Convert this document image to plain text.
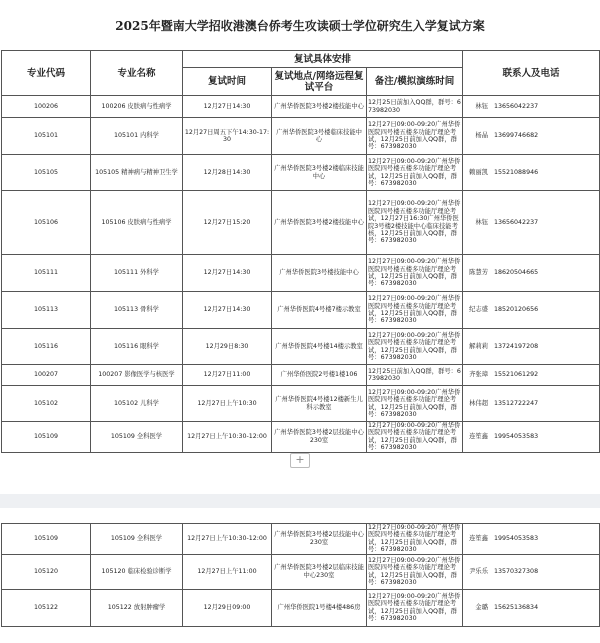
2025年暨南大学招收港澳台侨考生攻读硕士学位研究生入学复试方案
专业代码	专业名称	复试具体安排			联系人及电话
		复试时间	复试地点/网络远程复试平台	备注/模拟演练时间	
100206	100206 皮肤病与性病学	12月27日14:30	广州华侨医院3号楼2楼技能中心	12月25日前加入QQ群，群号：673982030	林钰 13656042237
105101	105101 内科学	12月27日周五下午14:30-17:30	广州华侨医院3号楼临床技能中心	12月27日09:00-09:20广州华侨医院四号楼五楼多功能厅理论考试，12月25日前加入QQ群，群号：673982030	杨晶 13699746682
105105	105105 精神病与精神卫生学	12月28日14:30	广州华侨医院3号楼2楼临床技能中心	12月27日09:00-09:20广州华侨医院四号楼五楼多功能厅理论考试，12月25日前加入QQ群，群号：673982030	赖丽凯 15521088946
105106	105106 皮肤病与性病学	12月27日15:20	广州华侨医院3号楼2楼技能中心	12月27日09:00-09:20广州华侨医院四号楼五楼多功能厅理论考试，12月27日16:30广州华侨医院3号楼2楼技能中心临床技能考核，12月25日前加入QQ群，群号：673982030	林钰 13656042237
105111	105111 外科学	12月27日14:30	广州华侨医院3号楼技能中心	12月27日09:00-09:20广州华侨医院四号楼五楼多功能厅理论考试，12月25日前加入QQ群，群号：673982030	陈慧芳 18620504665
105113	105113 骨科学	12月27日14:30	广州华侨医院4号楼7楼示教室	12月27日09:00-09:20广州华侨医院四号楼五楼多功能厅理论考试，12月25日前加入QQ群，群号：673982030	纪志盛 18520120656
105116	105116 眼科学	12月29日8:30	广州华侨医院4号楼14楼示教室	12月27日09:00-09:20广州华侨医院四号楼五楼多功能厅理论考试，12月25日前加入QQ群，群号：673982030	解莉莉 13724197208
100207	100207 影像医学与核医学	12月27日11:00	广州华侨医院2号楼1楼106	12月25日前加入QQ群，群号：673982030	齐张璋 15521061292
105102	105102 儿科学	12月27日上午10:30	广州华侨医院4号楼12楼新生儿科示教室	12月27日09:00-09:20广州华侨医院四号楼五楼多功能厅理论考试，12月25日前加入QQ群，群号：673982030	林伟超 13512722247
105109	105109 全科医学	12月27日上午10:30-12:00	广州华侨医院3号楼2层技能中心230室	12月27日09:00-09:20广州华侨医院四号楼五楼多功能厅理论考试，12月25日前加入QQ群，群号：673982030	连笙鑫 19954053583
+
105109	105109 全科医学	12月27日上午10:30-12:00	广州华侨医院3号楼2层技能中心230室	12月27日09:00-09:20广州华侨医院四号楼五楼多功能厅理论考试，12月25日前加入QQ群，群号：673982030	连笙鑫 19954053583
105120	105120 临床检验诊断学	12月27日上午11:00	广州华侨医院3号楼2层临床技能中心230室	12月27日09:00-09:20广州华侨医院四号楼五楼多功能厅理论考试，12月25日前加入QQ群，群号：673982030	尹乐乐 13570327308
105122	105122 放射肿瘤学	12月29日09:00	广州华侨医院1号楼4楼486房	12月27日09:00-09:20广州华侨医院四号楼五楼多功能厅理论考试，12月25日前加入QQ群，群号：673982030	金璐 15625136834
